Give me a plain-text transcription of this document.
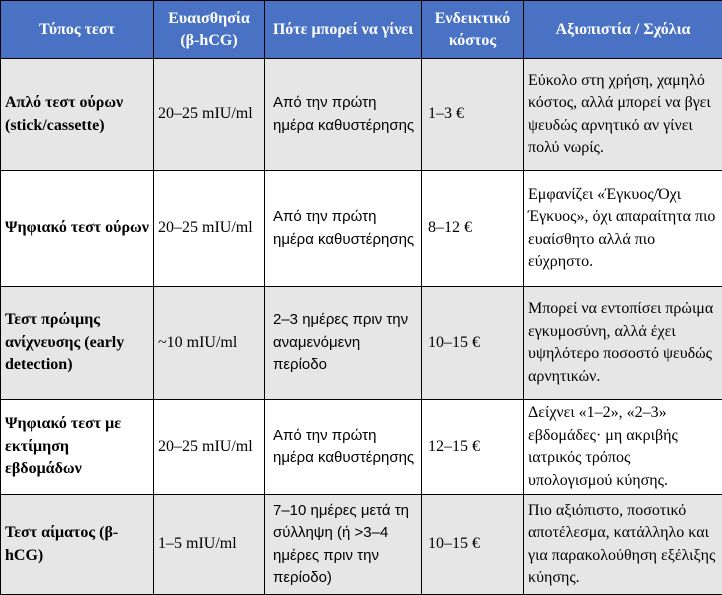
Τύπος τεστ	Ευαισθησία (β-hCG)	Πότε μπορεί να γίνει	Ενδεικτικό κόστος	Αξιοπιστία / Σχόλια
Απλό τεστ ούρων (stick/cassette)	20–25 mIU/ml	Από την πρώτη ημέρα καθυστέρησης	1–3 €	Εύκολο στη χρήση, χαμηλό κόστος, αλλά μπορεί να βγει ψευδώς αρνητικό αν γίνει πολύ νωρίς.
Ψηφιακό τεστ ούρων	20–25 mIU/ml	Από την πρώτη ημέρα καθυστέρησης	8–12 €	Εμφανίζει «Έγκυος/Όχι Έγκυος», όχι απαραίτητα πιο ευαίσθητο αλλά πιο εύχρηστο.
Τεστ πρώιμης ανίχνευσης (early detection)	~10 mIU/ml	2–3 ημέρες πριν την αναμενόμενη περίοδο	10–15 €	Μπορεί να εντοπίσει πρώιμα εγκυμοσύνη, αλλά έχει υψηλότερο ποσοστό ψευδώς αρνητικών.
Ψηφιακό τεστ με εκτίμηση εβδομάδων	20–25 mIU/ml	Από την πρώτη ημέρα καθυστέρησης	12–15 €	Δείχνει «1–2», «2–3» εβδομάδες· μη ακριβής ιατρικός τρόπος υπολογισμού κύησης.
Τεστ αίματος (β-hCG)	1–5 mIU/ml	7–10 ημέρες μετά τη σύλληψη (ή >3–4 ημέρες πριν την περίοδο)	10–15 €	Πιο αξιόπιστο, ποσοτικό αποτέλεσμα, κατάλληλο και για παρακολούθηση εξέλιξης κύησης.
